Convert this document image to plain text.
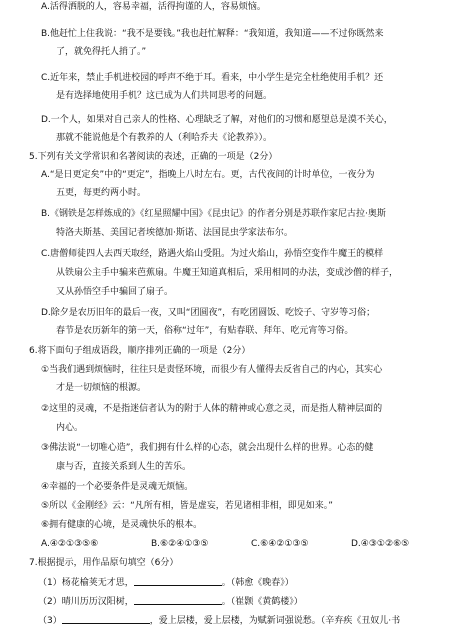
A.活得洒脱的人，容易幸福，活得拘谨的人，容易烦恼。
B.他赶忙上住我说：“我不是要钱。”我也赶忙解释：“我知道，我知道——不过你既然来
了，就免得托人捎了。”
C.近年来，禁止手机进校园的呼声不绝于耳。看来，中小学生是完全杜绝使用手机？还
是有选择地使用手机？这已成为人们共同思考的问题。
D.一个人，如果对自己亲人的性格、心理缺乏了解，对他们的习惯和愿望总是漠不关心，
那就不能说他是个有教养的人（利哈乔夫《论教养》）。
5.下列有关文学常识和名著阅读的表述，正确的一项是（2分）
A.“是日更定矣”中的“更定”，指晚上八时左右。更，古代夜间的计时单位，一夜分为
五更，每更约两小时。
B.《钢铁是怎样炼成的》《红星照耀中国》《昆虫记》的作者分别是苏联作家尼古拉·奥斯
特洛夫斯基、美国记者埃德加·斯诺、法国昆虫学家法布尔。
C.唐僧师徒四人去西天取经，路遇火焰山受阻。为过火焰山，孙悟空变作牛魔王的模样
从铁扇公主手中骗来芭蕉扇。牛魔王知道真相后，采用相同的办法，变成沙僧的样子，
又从孙悟空手中骗回了扇子。
D.除夕是农历旧年的最后一夜，又叫“团圆夜”，有吃团圆饭、吃饺子、守岁等习俗；
春节是农历新年的第一天，俗称“过年”，有贴春联、拜年、吃元宵等习俗。
6.将下面句子组成语段，顺序排列正确的一项是（2分）
①当我们遇到烦恼时，往往只是责怪环境，而很少有人懂得去反省自己的内心，其实心
才是一切烦恼的根源。
②这里的灵魂，不是指迷信者认为的附于人体的精神或心意之灵，而是指人精神层面的
内心。
③佛法说“一切唯心造”，我们拥有什么样的心态，就会出现什么样的世界。心态的健
康与否，直接关系到人生的苦乐。
④幸福的一个必要条件是灵魂无烦恼。
⑤所以《金刚经》云：“凡所有相，皆是虚妄，若见诸相非相，即见如来。”
⑥拥有健康的心境，是灵魂快乐的根本。
A.④②①③⑤⑥	B.⑥②④①③⑤	C.⑥④②①③⑤	D.④③①②⑥⑤
7.根据提示，用作品原句填空（6分）
（1）杨花榆荚无才思，	。（韩愈《晚春》）
（2）晴川历历汉阳树，	。（崔颢《黄鹤楼》）
（3）	，爱上层楼，爱上层楼，为赋新词强说愁。（辛弃疾《丑奴儿·书
